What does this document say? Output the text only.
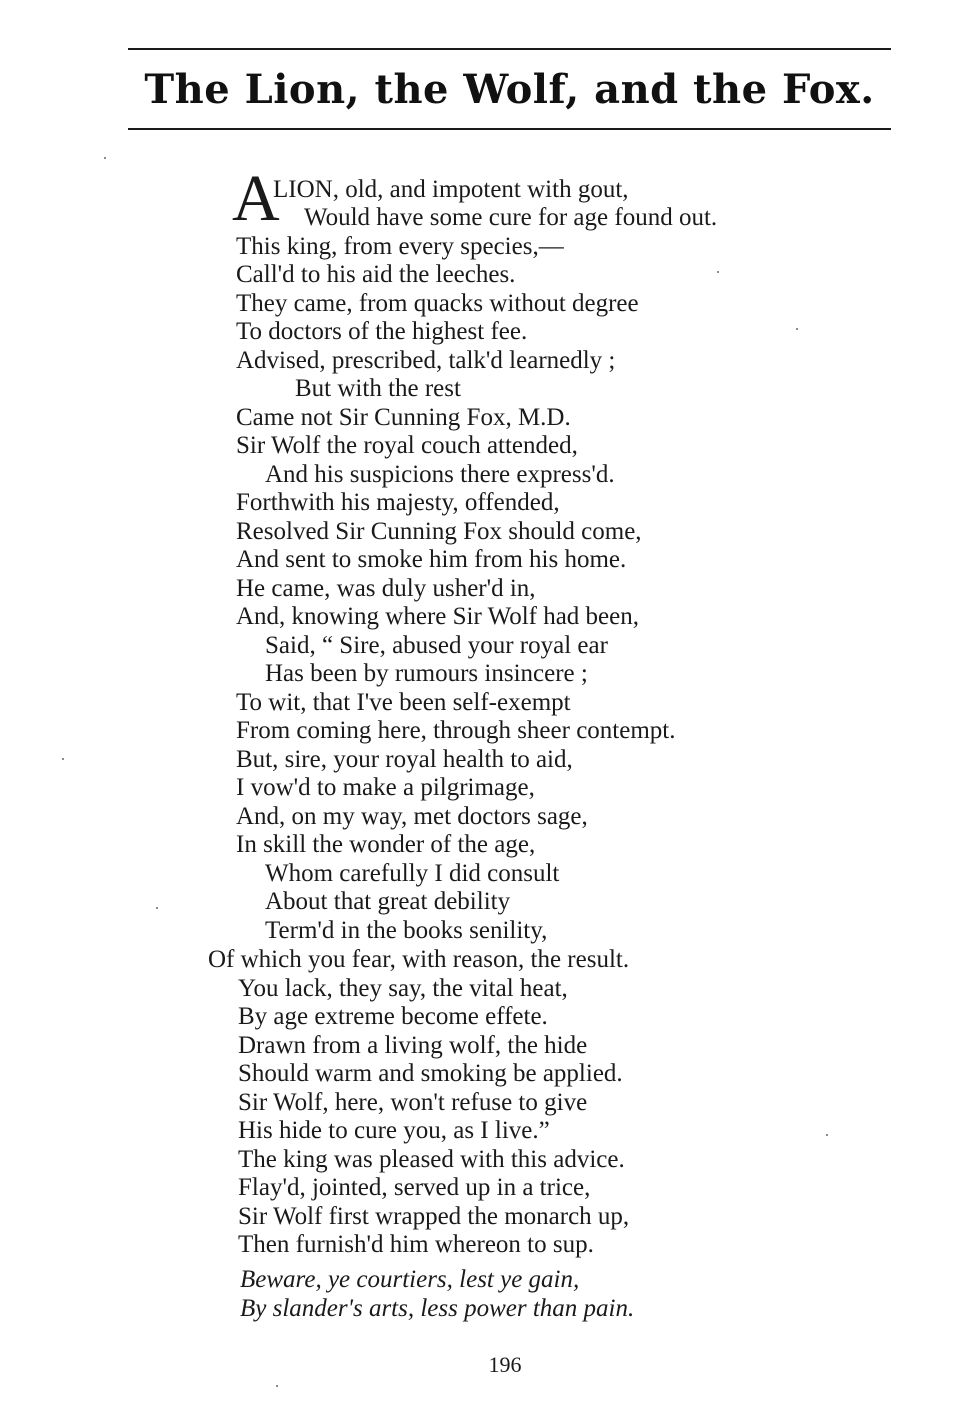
The Lion, the Wolf, and the Fox.
A
LION, old, and impotent with gout,
Would have some cure for age found out.
This king, from every species,—
Call'd to his aid the leeches.
They came, from quacks without degree
To doctors of the highest fee.
Advised, prescribed, talk'd learnedly ;
But with the rest
Came not Sir Cunning Fox, M.D.
Sir Wolf the royal couch attended,
And his suspicions there express'd.
Forthwith his majesty, offended,
Resolved Sir Cunning Fox should come,
And sent to smoke him from his home.
He came, was duly usher'd in,
And, knowing where Sir Wolf had been,
Said, “ Sire, abused your royal ear
Has been by rumours insincere ;
To wit, that I've been self-exempt
From coming here, through sheer contempt.
But, sire, your royal health to aid,
I vow'd to make a pilgrimage,
And, on my way, met doctors sage,
In skill the wonder of the age,
Whom carefully I did consult
About that great debility
Term'd in the books senility,
Of which you fear, with reason, the result.
You lack, they say, the vital heat,
By age extreme become effete.
Drawn from a living wolf, the hide
Should warm and smoking be applied.
Sir Wolf, here, won't refuse to give
His hide to cure you, as I live.”
The king was pleased with this advice.
Flay'd, jointed, served up in a trice,
Sir Wolf first wrapped the monarch up,
Then furnish'd him whereon to sup.
Beware, ye courtiers, lest ye gain,
By slander's arts, less power than pain.
196
